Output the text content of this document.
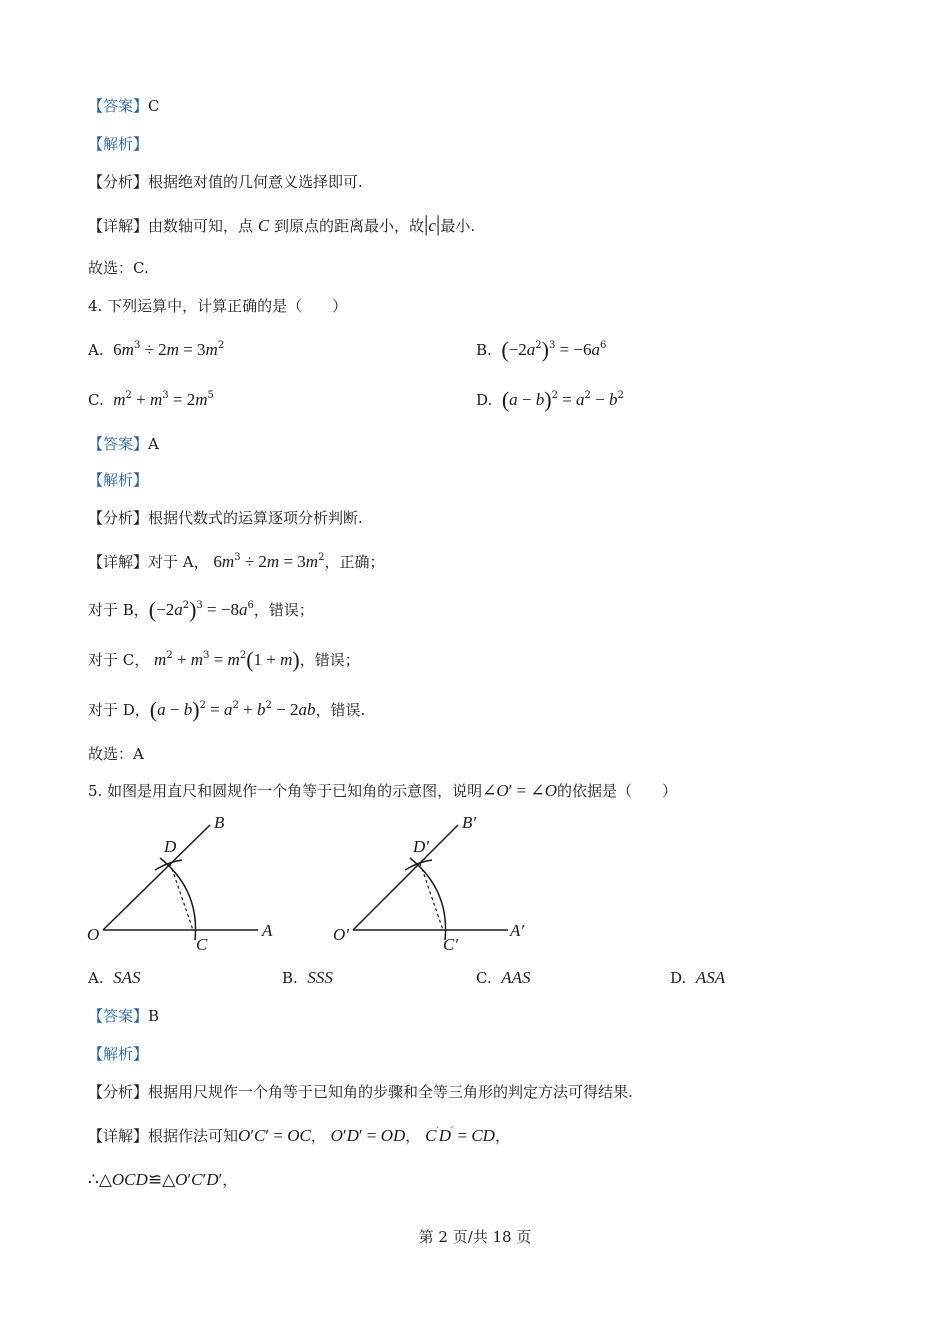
【答案】C
【解析】
【分析】根据绝对值的几何意义选择即可.
【详解】由数轴可知，点 C 到原点的距离最小，故|c|最小.
故选：C.
4. 下列运算中，计算正确的是（　　）
A. $6m^3 \div 2m = 3m^2$	B. $(-2a^2)^3 = -6a^6$
C. $m^2 + m^3 = 2m^5$	D. $(a - b)^2 = a^2 - b^2$
【答案】A
【解析】
【分析】根据代数式的运算逐项分析判断.
【详解】对于 A， $6m^3 \div 2m = 3m^2$，正确；
对于 B，$(-2a^2)^3 = -8a^6$，错误；
对于 C， $m^2 + m^3 = m^2(1 + m)$，错误；
对于 D，$(a - b)^2 = a^2 + b^2 - 2ab$，错误.
故选：A
5. 如图是用直尺和圆规作一个角等于已知角的示意图，说明∠O′ = ∠O的依据是（　　）
O	A
B
C
D
O′	A′
B′
C′
D′
A. SAS	B. SSS	C. AAS	D. ASA
【答案】B
【解析】
【分析】根据用尺规作一个角等于已知角的步骤和全等三角形的判定方法可得结果.
【详解】根据作法可知O′C′ = OC， O′D′ = OD， C′D′ = CD，
∴△OCD≌△O′C′D′，
第 2 页/共 18 页
